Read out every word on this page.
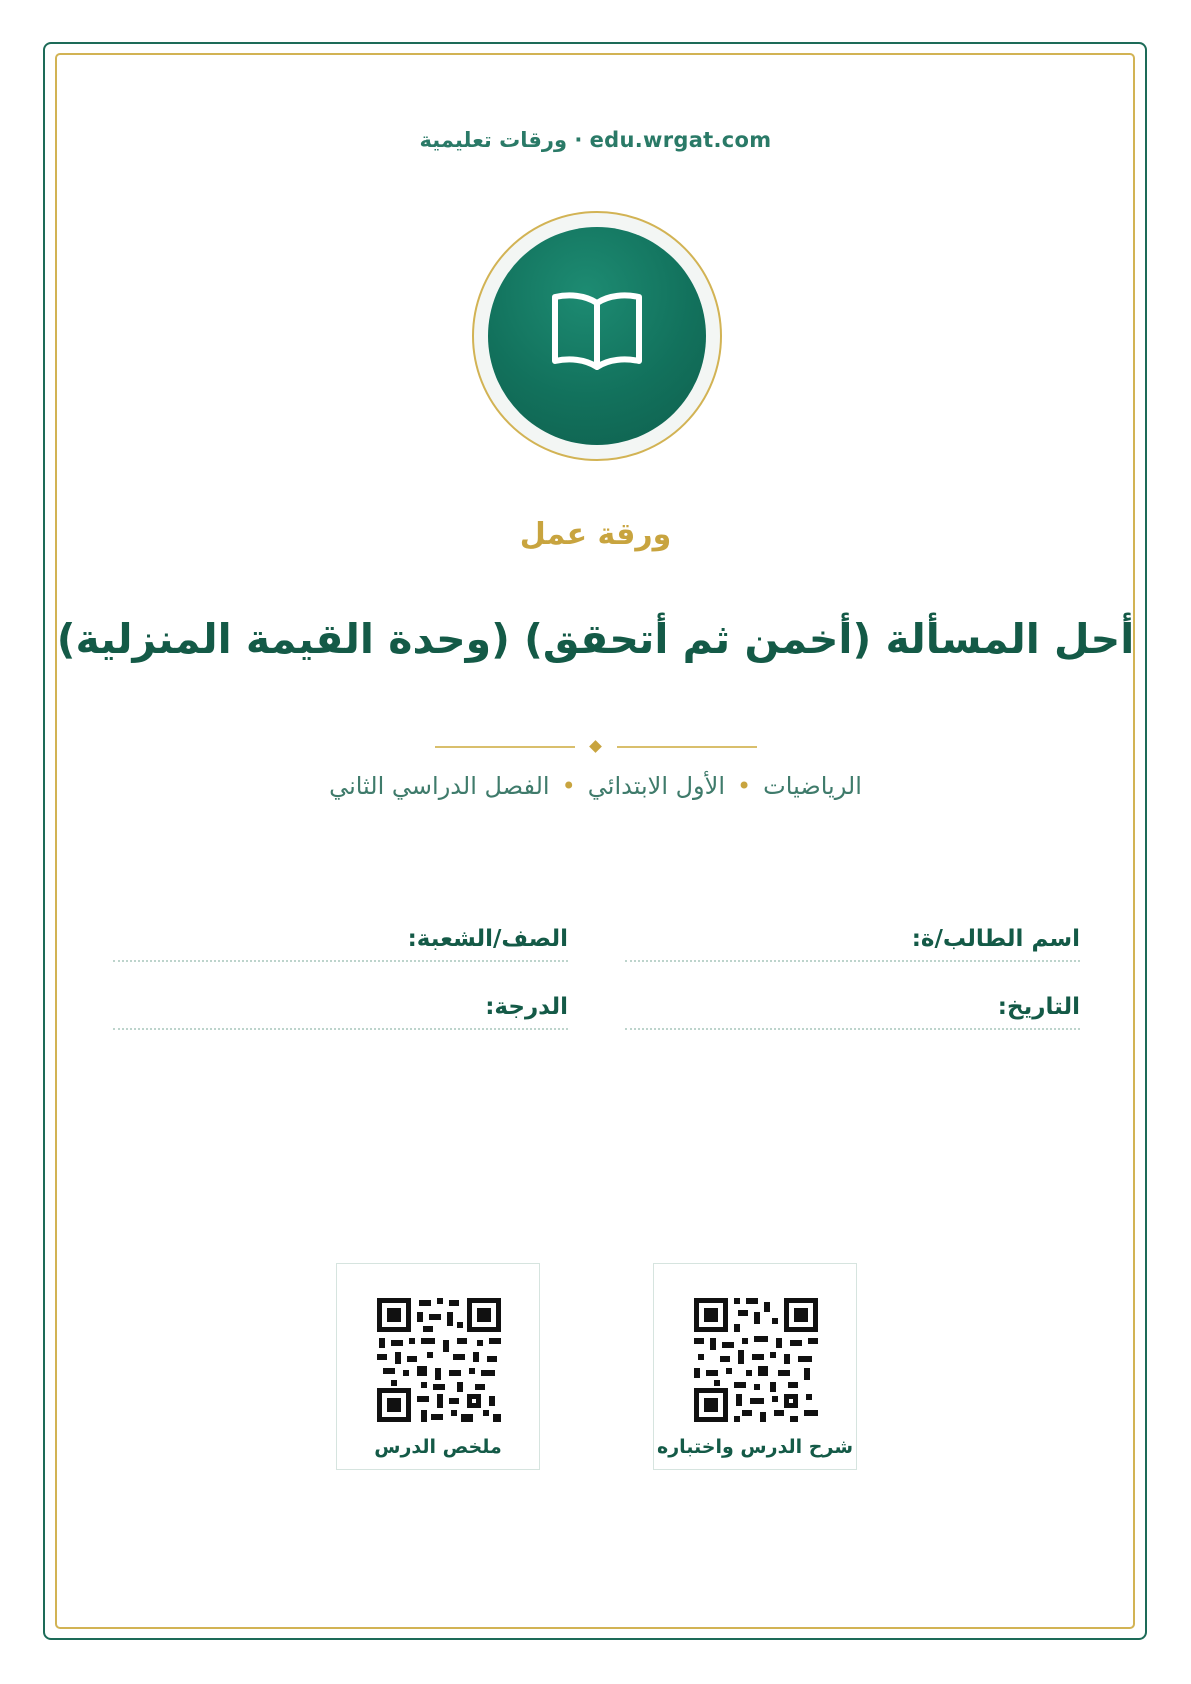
ورقات تعليمية · edu.wrgat.com
ورقة عمل
أحل المسألة (أخمن ثم أتحقق) (وحدة القيمة المنزلية)
الرياضيات•الأول الابتدائي•الفصل الدراسي الثاني
اسم الطالب/ة:
الصف/الشعبة:
التاريخ:
الدرجة:
شرح الدرس واختباره
ملخص الدرس
